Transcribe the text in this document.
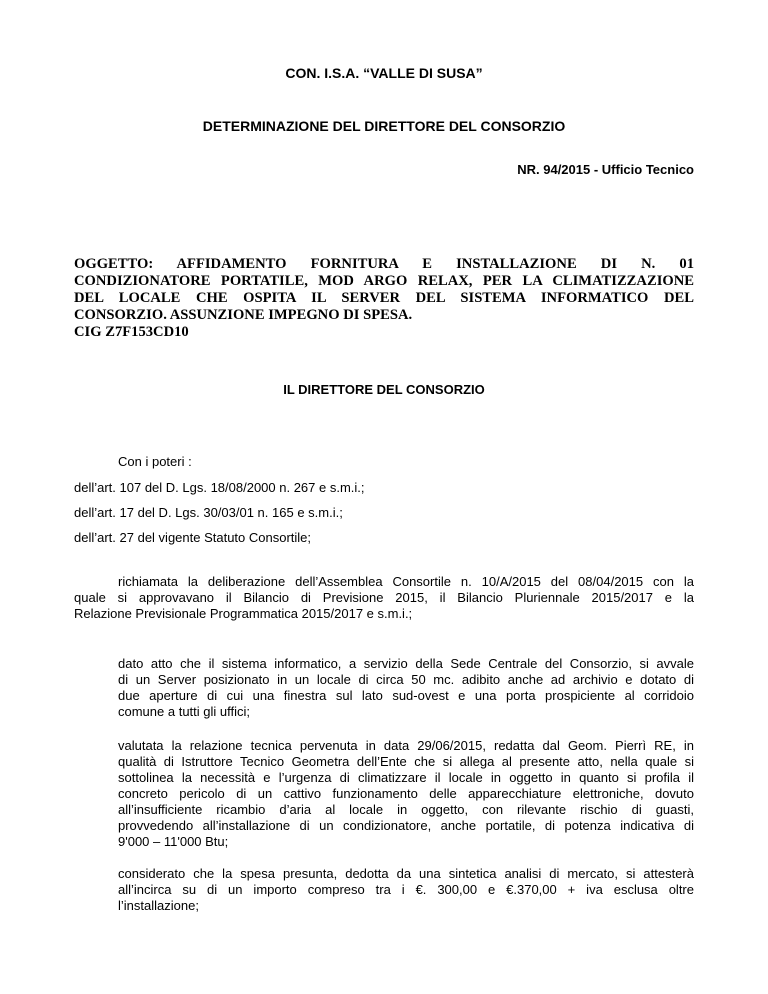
CON. I.S.A. “VALLE DI SUSA”
DETERMINAZIONE DEL DIRETTORE DEL CONSORZIO
NR. 94/2015 - Ufficio Tecnico
OGGETTO: AFFIDAMENTO FORNITURA E INSTALLAZIONE DI N. 01
CONDIZIONATORE PORTATILE, MOD ARGO RELAX, PER LA CLIMATIZZAZIONE
DEL LOCALE CHE OSPITA IL SERVER DEL SISTEMA INFORMATICO DEL
CONSORZIO. ASSUNZIONE IMPEGNO DI SPESA.
CIG Z7F153CD10
IL DIRETTORE DEL CONSORZIO
Con i poteri :
dell’art. 107 del D. Lgs. 18/08/2000 n. 267 e s.m.i.;
dell’art. 17 del D. Lgs. 30/03/01 n. 165 e s.m.i.;
dell’art. 27 del vigente Statuto Consortile;
richiamata la deliberazione dell’Assemblea Consortile n. 10/A/2015 del 08/04/2015 con la
quale si approvavano il Bilancio di Previsione 2015, il Bilancio Pluriennale 2015/2017 e la
Relazione Previsionale Programmatica 2015/2017 e s.m.i.;
dato atto che il sistema informatico, a servizio della Sede Centrale del Consorzio, si avvale
di un Server posizionato in un locale di circa 50 mc. adibito anche ad archivio e dotato di
due aperture di cui una finestra sul lato sud-ovest e una porta prospiciente al corridoio
comune a tutti gli uffici;
valutata la relazione tecnica pervenuta in data 29/06/2015, redatta dal Geom. Pierrì RE, in
qualità di Istruttore Tecnico Geometra dell’Ente che si allega al presente atto, nella quale si
sottolinea la necessità e l’urgenza di climatizzare il locale in oggetto in quanto si profila il
concreto pericolo di un cattivo funzionamento delle apparecchiature elettroniche, dovuto
all’insufficiente ricambio d’aria al locale in oggetto, con rilevante rischio di guasti,
provvedendo all’installazione di un condizionatore, anche portatile, di potenza indicativa di
9'000 – 11'000 Btu;
considerato che la spesa presunta, dedotta da una sintetica analisi di mercato, si attesterà
all’incirca su di un importo compreso tra i €. 300,00 e €.370,00 + iva esclusa oltre
l’installazione;
